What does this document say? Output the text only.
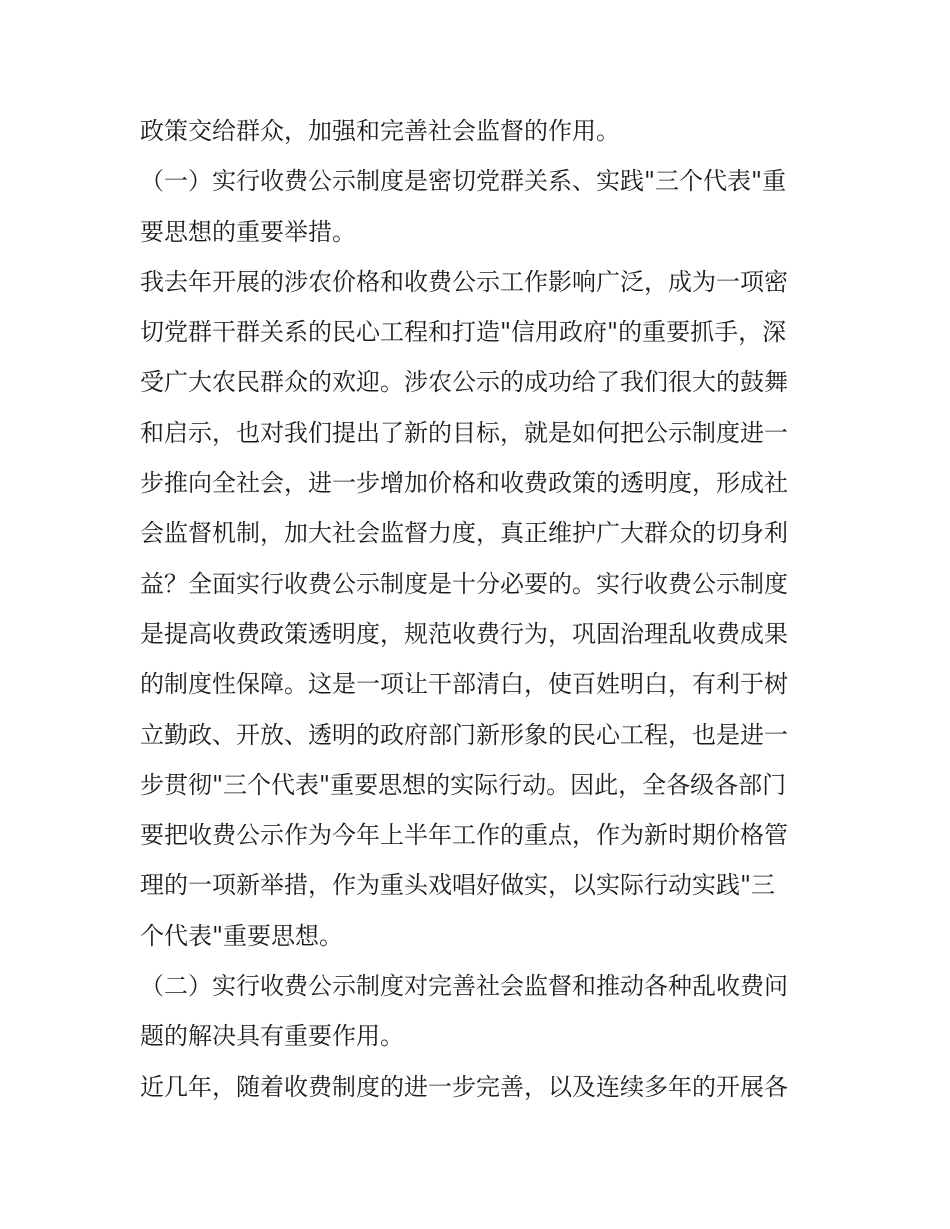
政策交给群众，加强和完善社会监督的作用。
（一）实行收费公示制度是密切党群关系、实践"三个代表"重
要思想的重要举措。
我去年开展的涉农价格和收费公示工作影响广泛，成为一项密
切党群干群关系的民心工程和打造"信用政府"的重要抓手，深
受广大农民群众的欢迎。涉农公示的成功给了我们很大的鼓舞
和启示，也对我们提出了新的目标，就是如何把公示制度进一
步推向全社会，进一步增加价格和收费政策的透明度，形成社
会监督机制，加大社会监督力度，真正维护广大群众的切身利
益？全面实行收费公示制度是十分必要的。实行收费公示制度
是提高收费政策透明度，规范收费行为，巩固治理乱收费成果
的制度性保障。这是一项让干部清白，使百姓明白，有利于树
立勤政、开放、透明的政府部门新形象的民心工程，也是进一
步贯彻"三个代表"重要思想的实际行动。因此，全各级各部门
要把收费公示作为今年上半年工作的重点，作为新时期价格管
理的一项新举措，作为重头戏唱好做实，以实际行动实践"三
个代表"重要思想。
（二）实行收费公示制度对完善社会监督和推动各种乱收费问
题的解决具有重要作用。
近几年，随着收费制度的进一步完善，以及连续多年的开展各
